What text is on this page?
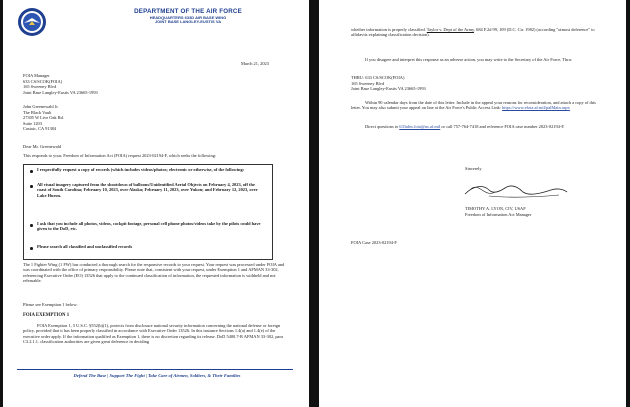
DEPARTMENT OF THE AIR FORCE
HEADQUARTERS 633D AIR BASE WING
JOINT BASE LANGLEY-EUSTIS VA
March 21, 2023
FOIA Manager
633 CS/SCOK(FOIA)
165 Sweeney Blvd
Joint Base Langley-Eustis VA 23665-1993
John Greenewald Jr.
The Black Vault
27305 W Live Oak Rd.
Suite 1203
Castaic, CA 91384
Dear Mr. Greenewald
This responds to your, Freedom of Information Act (FOIA) request 2023-02194-F, which seeks the following:
I respectfully request a copy of records (which includes videos/photos; electronic or otherwise, of the following:
All visual imagery captured from the shootdown of balloons/Unidentified Aerial Objects on February 4, 2023, off the coast of South Carolina; February 10, 2023, over Alaska; February 11, 2023, over Yukon; and February 12, 2023, over Lake Huron.
I ask that you include all photos, videos, cockpit footage, personal cell phone photos/videos take by the pilots could have given to the DoD, etc.
Please search all classified and unclassified records
The 1 Fighter Wing (1 FW) has conducted a thorough search for the responsive records to your request. Your request was processed under FOIA and was coordinated with the office of primary responsibility. Please note that, consistent with your request, under Exemption 1 and AFMAN 33-302, referencing Executive Order (EO) 13526 that apply to the continued classification of information, the requested information is withheld and not releasable.
Please see Exemption 1 below:
FOIA EXEMPTION 1
FOIA Exemption 1, 5 U.S.C. §552(b)(1), protects from disclosure national security information concerning the national defense or foreign policy, provided that it has been properly classified in accordance with Executive Order 13526. In this instance Sections 1.4(a) and 1.4(e) of the executive order apply. If the information qualified as Exemption 1, there is no discretion regarding its release. DoD 5400.7-R AFMAN 33-302, para C3.2.1.1. classification authorities are given great deference in deciding
Defend The Base | Support The Fight | Take Care of Airmen, Soldiers, & Their Families
whether information is properly classified. Taylor v. Dept of the Army, 684 F.2d 99, 109 (D.C. Cir. 1982) (according "utmost deference" to affidavits explaining classification decision).
If you disagree and interpret this response as an adverse action, you may write to the Secretary of the Air Force, Thru:
THRU: 633 CS/SCOK(FOIA)
165 Sweeney Blvd
Joint Base Langley-Eustis VA 23665-1993
Within 90 calendar days from the date of this letter. Include in the appeal your reasons for reconsideration, and attach a copy of this letter. You may also submit your appeal on line at the Air Force's Public Access Link: https://www.efoia.af.mil/palMain.aspx
Direct questions to 633abw.foia@us.af.mil or call 757-764-7418 and reference FOIA case number 2023-02194-F.
Sincerely
TIMOTHY A. LYON, CIV, USAF
Freedom of Information Act Manager
FOIA Case 2023-02194-F
